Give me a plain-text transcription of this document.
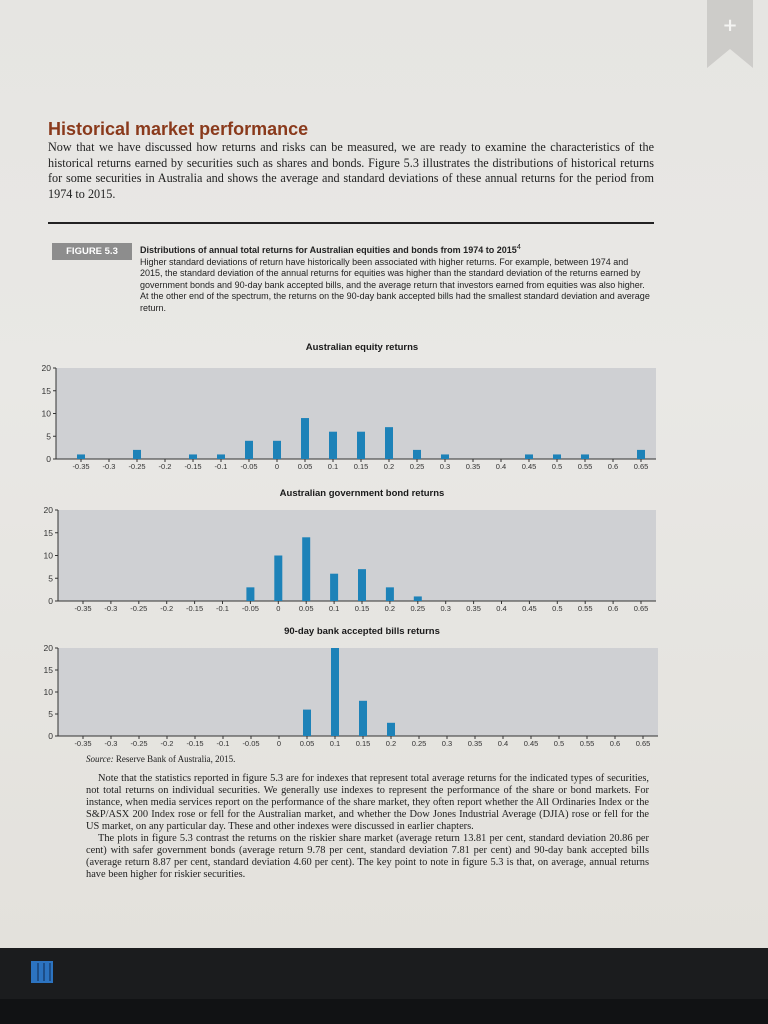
+
Historical market performance
Now that we have discussed how returns and risks can be measured, we are ready to examine the characteristics of the historical returns earned by securities such as shares and bonds. Figure 5.3 illustrates the distributions of historical returns for some securities in Australia and shows the average and standard deviations of these annual returns for the period from 1974 to 2015.
FIGURE 5.3	Distributions of annual total returns for Australian equities and bonds from 1974 to 2015$^4$
Higher standard deviations of return have historically been associated with higher returns. For example, between 1974 and 2015, the standard deviation of the annual returns for equities was higher than the standard deviation of the returns earned by government bonds and 90-day bank accepted bills, and the average return that investors earned from equities was also higher. At the other end of the spectrum, the returns on the 90-day bank accepted bills had the smallest standard deviation and average return.
Australian equity returns
0
5
10
15
20
-0.35 -0.3 -0.25 -0.2 -0.15 -0.1 -0.05 0 0.05 0.1 0.15 0.2 0.25 0.3 0.35 0.4 0.45 0.5 0.55 0.6 0.65
Australian government bond returns
0
5
10
15
20
-0.35 -0.3 -0.25 -0.2 -0.15 -0.1 -0.05 0 0.05 0.1 0.15 0.2 0.25 0.3 0.35 0.4 0.45 0.5 0.55 0.6 0.65
90-day bank accepted bills returns
0
5
10
15
20
-0.35 -0.3 -0.25 -0.2 -0.15 -0.1 -0.05 0 0.05 0.1 0.15 0.2 0.25 0.3 0.35 0.4 0.45 0.5 0.55 0.6 0.65
Source: Reserve Bank of Australia, 2015.

Note that the statistics reported in figure 5.3 are for indexes that represent total average returns for the indicated types of securities, not total returns on individual securities. We generally use indexes to represent the performance of the share or bond markets. For instance, when media services report on the performance of the share market, they often report whether the All Ordinaries Index or the S&P/ASX 200 Index rose or fell for the Australian market, and whether the Dow Jones Industrial Average (DJIA) rose or fell for the US market, on any particular day. These and other indexes were discussed in earlier chapters.

The plots in figure 5.3 contrast the returns on the riskier share market (average return 13.81 per cent, standard deviation 20.86 per cent) with safer government bonds (average return 9.78 per cent, standard deviation 7.81 per cent) and 90-day bank accepted bills (average return 8.87 per cent, standard deviation 4.60 per cent). The key point to note in figure 5.3 is that, on average, annual returns have been higher for riskier securities.
